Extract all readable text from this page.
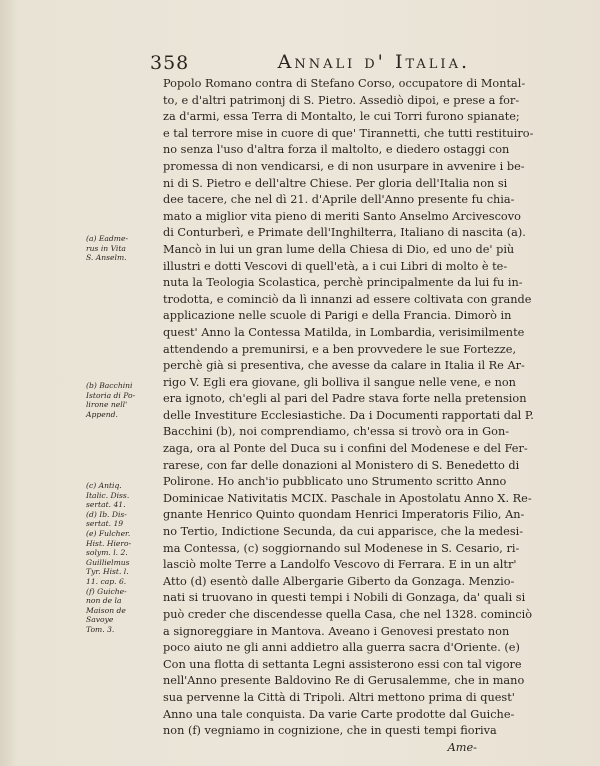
358	Annali d' Italia.
(a) Eadme-
rus in Vita
S. Anselm.
(b) Bacchini
Istoria di Po-
lirone nell'
Append.
(c) Antiq.
Italic. Diss.
sertat. 41.
(d) Ib. Dis-
sertat. 19
(e) Fulcher.
Hist. Hiero-
solym. l. 2.
Guillielmus
Tyr. Hist. l.
11. cap. 6.
(f) Guiche-
non de la
Maison de
Savoye
Tom. 3.
Popolo Romano contra di Stefano Corso, occupatore di Montal-
to, e d'altri patrimonj di S. Pietro. Assediò dipoi, e prese a for-
za d'armi, essa Terra di Montalto, le cui Torri furono spianate;
e tal terrore mise in cuore di que' Tirannetti, che tutti restituiro-
no senza l'uso d'altra forza il maltolto, e diedero ostaggi con
promessa di non vendicarsi, e di non usurpare in avvenire i be-
ni di S. Pietro e dell'altre Chiese. Per gloria dell'Italia non si
dee tacere, che nel dì 21. d'Aprile dell'Anno presente fu chia-
mato a miglior vita pieno di meriti Santo Anselmo Arcivescovo
di Conturberì, e Primate dell'Inghilterra, Italiano di nascita (a).
Mancò in lui un gran lume della Chiesa di Dio, ed uno de' più
illustri e dotti Vescovi di quell'età, a i cui Libri di molto è te-
nuta la Teologia Scolastica, perchè principalmente da lui fu in-
trodotta, e cominciò da lì innanzi ad essere coltivata con grande
applicazione nelle scuole di Parigi e della Francia. Dimorò in
quest' Anno la Contessa Matilda, in Lombardia, verisimilmente
attendendo a premunirsi, e a ben provvedere le sue Fortezze,
perchè già si presentiva, che avesse da calare in Italia il Re Ar-
rigo V. Egli era giovane, gli bolliva il sangue nelle vene, e non
era ignoto, ch'egli al pari del Padre stava forte nella pretension
delle Investiture Ecclesiastiche. Da i Documenti rapportati dal P.
Bacchini (b), noi comprendiamo, ch'essa si trovò ora in Gon-
zaga, ora al Ponte del Duca su i confini del Modenese e del Fer-
rarese, con far delle donazioni al Monistero di S. Benedetto di
Polirone. Ho anch'io pubblicato uno Strumento scritto Anno
Dominicae Nativitatis MCIX. Paschale in Apostolatu Anno X. Re-
gnante Henrico Quinto quondam Henrici Imperatoris Filio, An-
no Tertio, Indictione Secunda, da cui apparisce, che la medesi-
ma Contessa, (c) soggiornando sul Modenese in S. Cesario, ri-
lasciò molte Terre a Landolfo Vescovo di Ferrara. E in un altr'
Atto (d) esentò dalle Albergarie Giberto da Gonzaga. Menzio-
nati si truovano in questi tempi i Nobili di Gonzaga, da' quali si
può creder che discendesse quella Casa, che nel 1328. cominciò
a signoreggiare in Mantova. Aveano i Genovesi prestato non
poco aiuto ne gli anni addietro alla guerra sacra d'Oriente. (e)
Con una flotta di settanta Legni assisterono essi con tal vigore
nell'Anno presente Baldovino Re di Gerusalemme, che in mano
sua pervenne la Città di Tripoli. Altri mettono prima di quest'
Anno una tale conquista. Da varie Carte prodotte dal Guiche-
non (f) vegniamo in cognizione, che in questi tempi fioriva
Ame-
